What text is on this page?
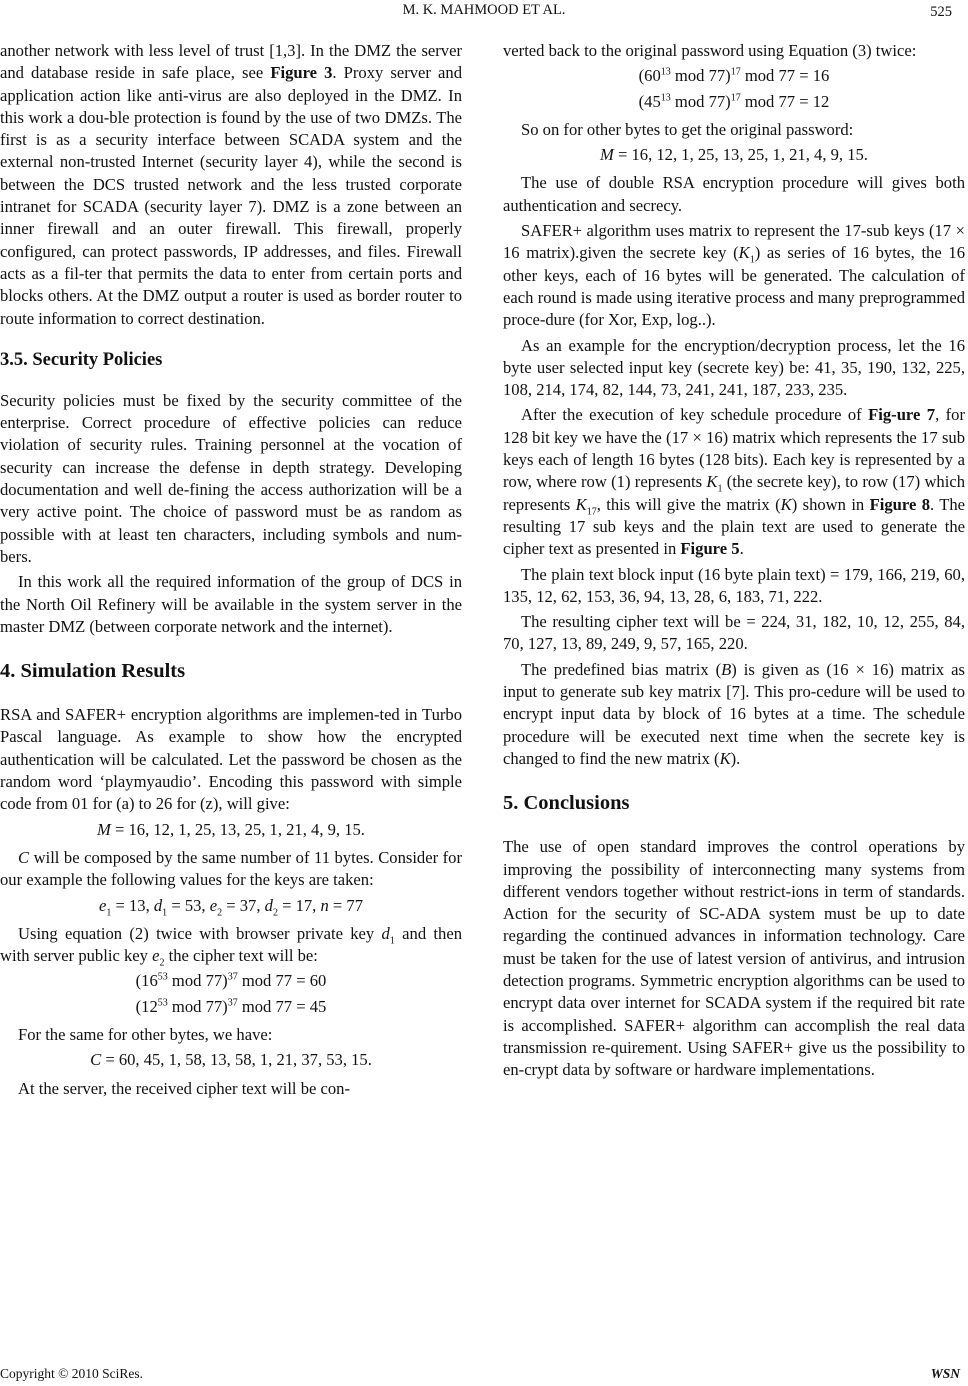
M. K. MAHMOOD ET AL.	525

another network with less level of trust [1,3]. In the DMZ the server and database reside in safe place, see Figure 3. Proxy server and application action like anti-virus are also deployed in the DMZ. In this work a dou-ble protection is found by the use of two DMZs. The first is as a security interface between SCADA system and the external non-trusted Internet (security layer 4), while the second is between the DCS trusted network and the less trusted corporate intranet for SCADA (security layer 7). DMZ is a zone between an inner firewall and an outer firewall. This firewall, properly configured, can protect passwords, IP addresses, and files. Firewall acts as a fil-ter that permits the data to enter from certain ports and blocks others. At the DMZ output a router is used as border router to route information to correct destination.

3.5. Security Policies

Security policies must be fixed by the security committee of the enterprise. Correct procedure of effective policies can reduce violation of security rules. Training personnel at the vocation of security can increase the defense in depth strategy. Developing documentation and well de-fining the access authorization will be a very active point. The choice of password must be as random as possible with at least ten characters, including symbols and num-bers.

In this work all the required information of the group of DCS in the North Oil Refinery will be available in the system server in the master DMZ (between corporate network and the internet).

4. Simulation Results

RSA and SAFER+ encryption algorithms are implemen-ted in Turbo Pascal language. As example to show how the encrypted authentication will be calculated. Let the password be chosen as the random word ‘playmyaudio’. Encoding this password with simple code from 01 for (a) to 26 for (z), will give:

M = 16, 12, 1, 25, 13, 25, 1, 21, 4, 9, 15.

C will be composed by the same number of 11 bytes. Consider for our example the following values for the keys are taken:

$e_1 = 13$, $d_1 = 53$, $e_2 = 37$, $d_2 = 17$, n = 77

Using equation (2) twice with browser private key $d_1$ and then with server public key $e_2$ the cipher text will be:

($16^{53}$ mod 77)$^{37}$ mod 77 = 60

($12^{53}$ mod 77)$^{37}$ mod 77 = 45

For the same for other bytes, we have:

C = 60, 45, 1, 58, 13, 58, 1, 21, 37, 53, 15.

At the server, the received cipher text will be con-

verted back to the original password using Equation (3) twice:

($60^{13}$ mod 77)$^{17}$ mod 77 = 16

($45^{13}$ mod 77)$^{17}$ mod 77 = 12

So on for other bytes to get the original password:

M = 16, 12, 1, 25, 13, 25, 1, 21, 4, 9, 15.

The use of double RSA encryption procedure will gives both authentication and secrecy.

SAFER+ algorithm uses matrix to represent the 17-sub keys (17 × 16 matrix).given the secrete key $(K_1)$ as series of 16 bytes, the 16 other keys, each of 16 bytes will be generated. The calculation of each round is made using iterative process and many preprogrammed proce-dure (for Xor, Exp, log..).

As an example for the encryption/decryption process, let the 16 byte user selected input key (secrete key) be: 41, 35, 190, 132, 225, 108, 214, 174, 82, 144, 73, 241, 241, 187, 233, 235.

After the execution of key schedule procedure of Fig-ure 7, for 128 bit key we have the (17 × 16) matrix which represents the 17 sub keys each of length 16 bytes (128 bits). Each key is represented by a row, where row (1) represents $K_1$ (the secrete key), to row (17) which represents $K_{17}$, this will give the matrix (K) shown in Figure 8. The resulting 17 sub keys and the plain text are used to generate the cipher text as presented in Figure 5.

The plain text block input (16 byte plain text) = 179, 166, 219, 60, 135, 12, 62, 153, 36, 94, 13, 28, 6, 183, 71, 222.

The resulting cipher text will be = 224, 31, 182, 10, 12, 255, 84, 70, 127, 13, 89, 249, 9, 57, 165, 220.

The predefined bias matrix (B) is given as (16 × 16) matrix as input to generate sub key matrix [7]. This pro-cedure will be used to encrypt input data by block of 16 bytes at a time. The schedule procedure will be executed next time when the secrete key is changed to find the new matrix (K).

5. Conclusions

The use of open standard improves the control operations by improving the possibility of interconnecting many systems from different vendors together without restrict-ions in term of standards. Action for the security of SC-ADA system must be up to date regarding the continued advances in information technology. Care must be taken for the use of latest version of antivirus, and intrusion detection programs. Symmetric encryption algorithms can be used to encrypt data over internet for SCADA system if the required bit rate is accomplished. SAFER+ algorithm can accomplish the real data transmission re-quirement. Using SAFER+ give us the possibility to en-crypt data by software or hardware implementations.

Copyright © 2010 SciRes.	WSN
